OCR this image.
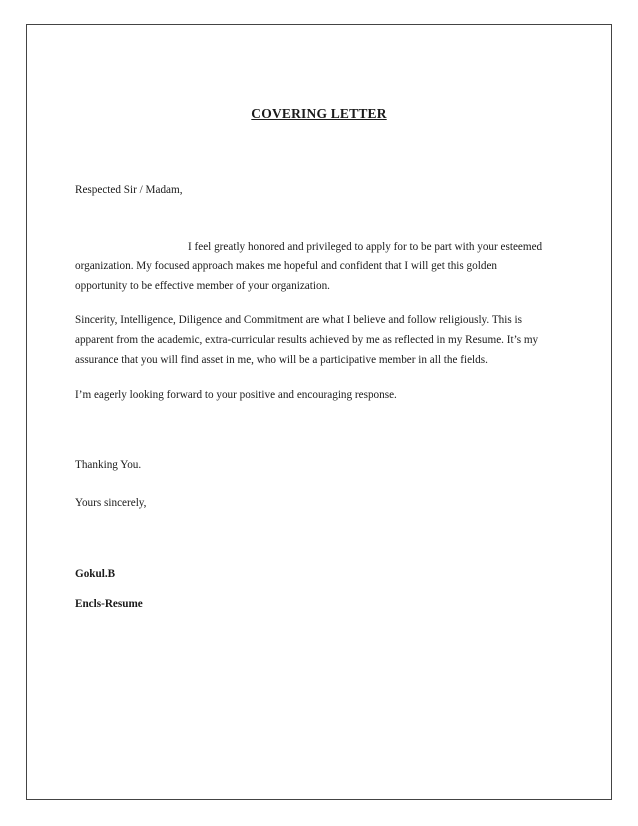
COVERING LETTER
Respected Sir / Madam,
I feel greatly honored and privileged to apply for to be part with your esteemed
organization. My focused approach makes me hopeful and confident that I will get this golden
opportunity to be effective member of your organization.
Sincerity, Intelligence, Diligence and Commitment are what I believe and follow religiously. This is
apparent from the academic, extra-curricular results achieved by me as reflected in my Resume. It’s my
assurance that you will find asset in me, who will be a participative member in all the fields.
I’m eagerly looking forward to your positive and encouraging response.
Thanking You.
Yours sincerely,
Gokul.B
Encls-Resume
